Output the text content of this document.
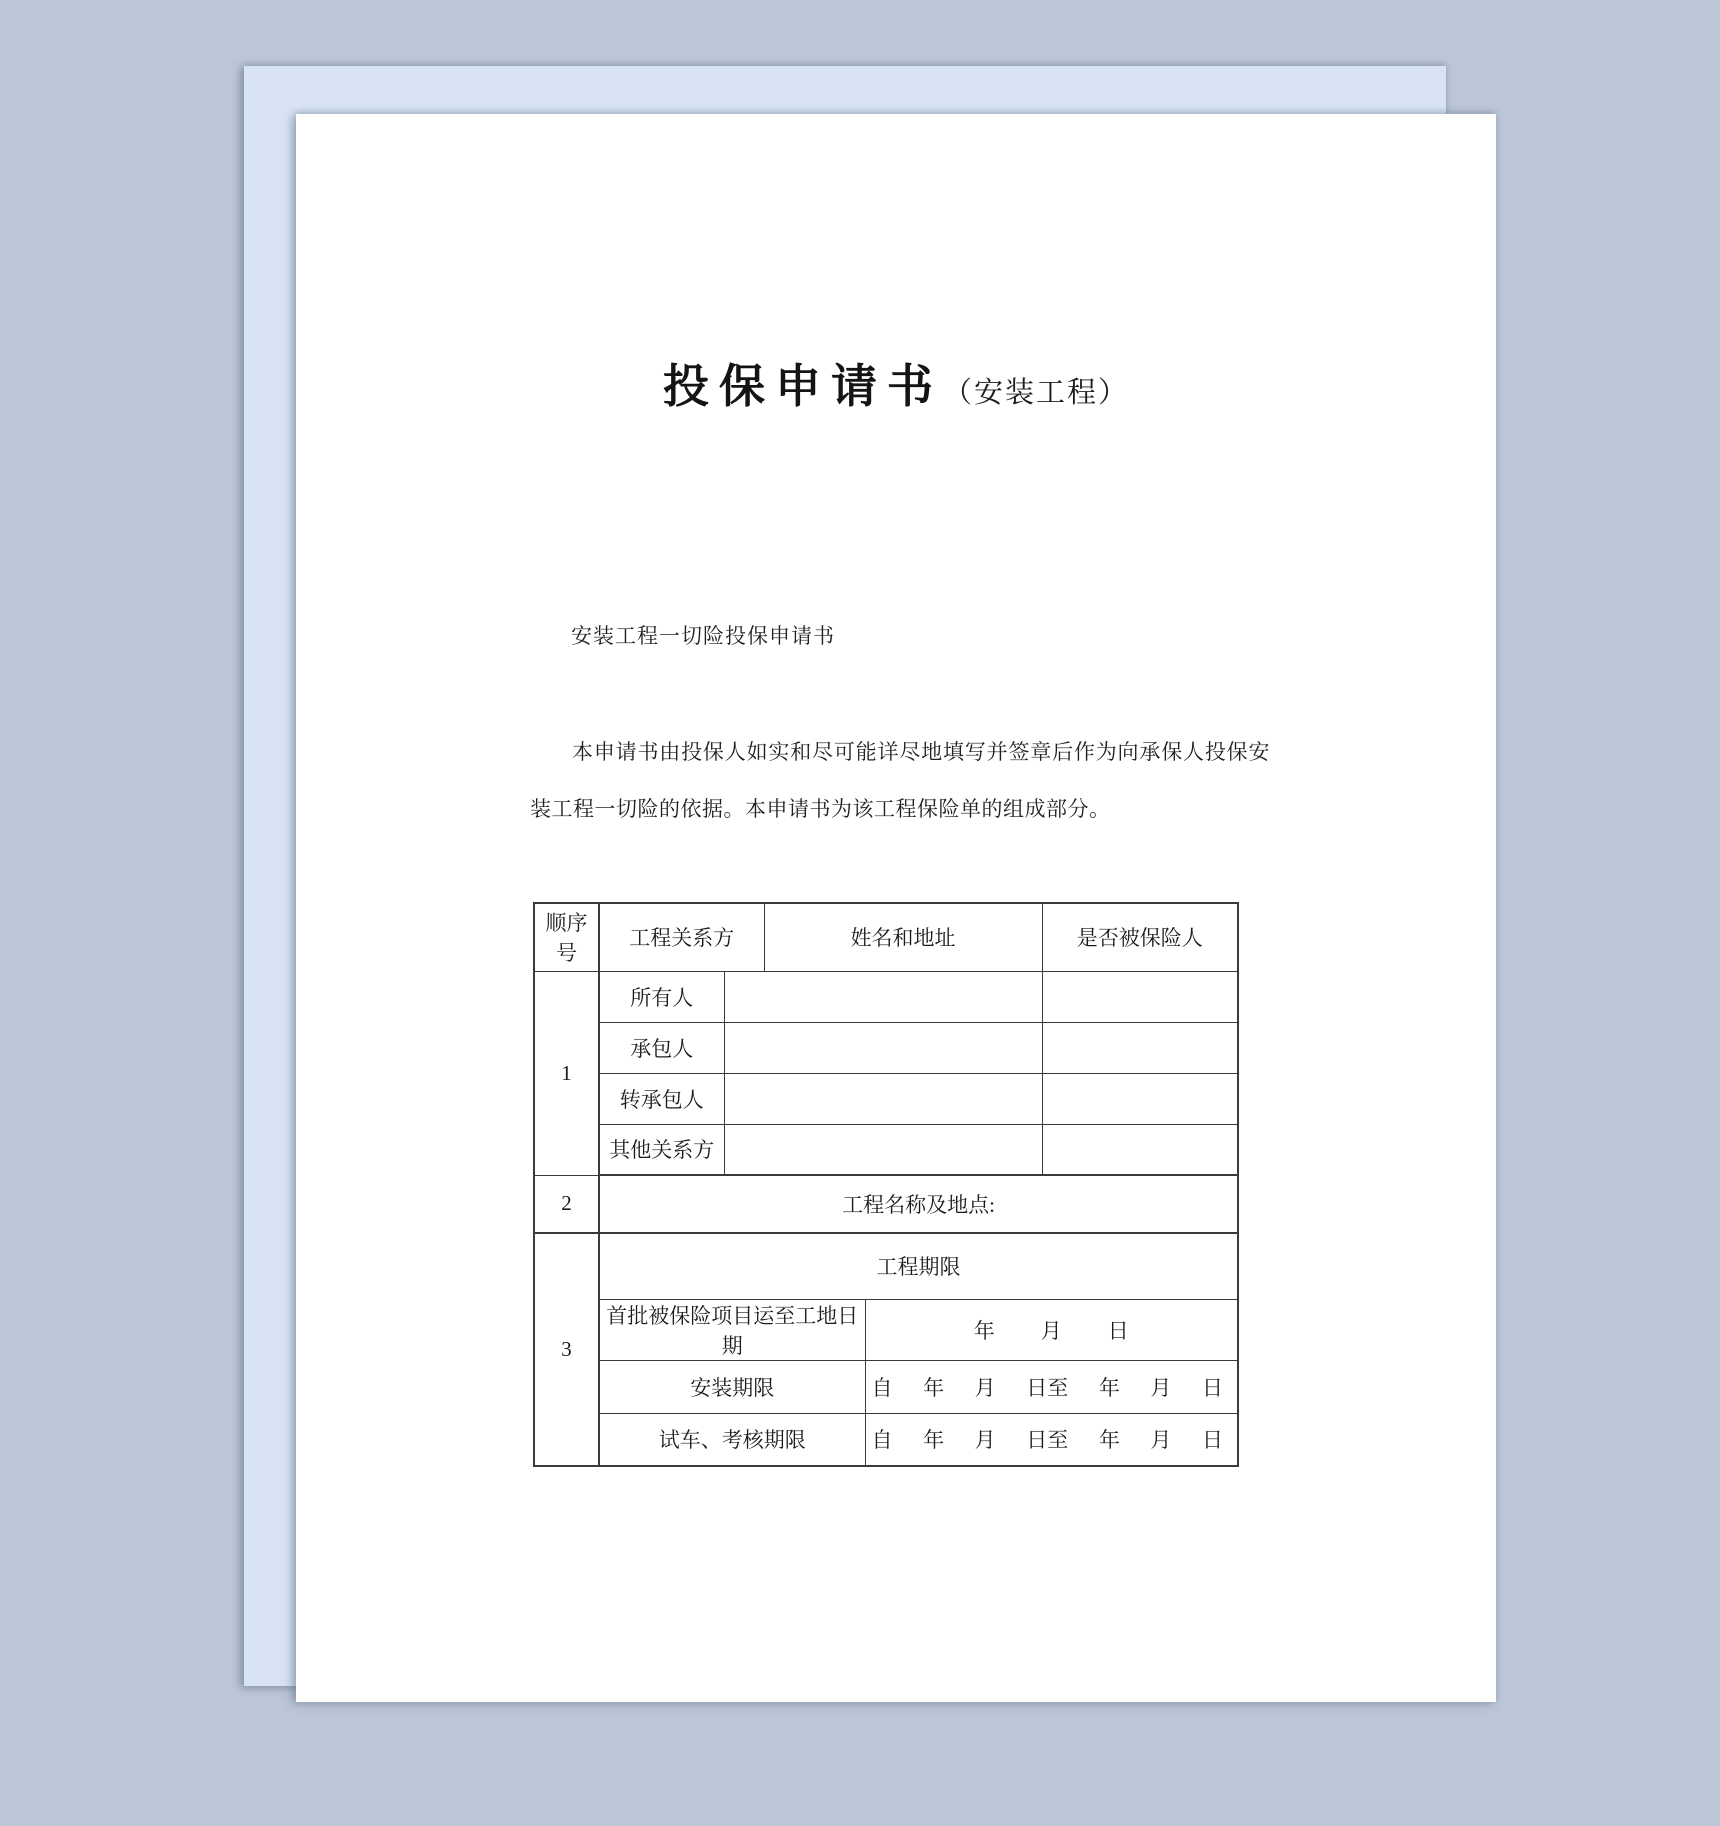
投保申请书（安装工程）
安装工程一切险投保申请书
本申请书由投保人如实和尽可能详尽地填写并签章后作为向承保人投保安装工程一切险的依据。本申请书为该工程保险单的组成部分。
顺序号	工程关系方		姓名和地址		是否被保险人
1	所有人				
	承包人				
	转承包人				
	其他关系方				
2	工程名称及地点:				
3	工程期限				
	首批被保险项目运至工地日期			年 月 日	

安装期限	自 年 月 日至 年 月 日

试车、考核期限	自 年 月 日至 年 月 日
